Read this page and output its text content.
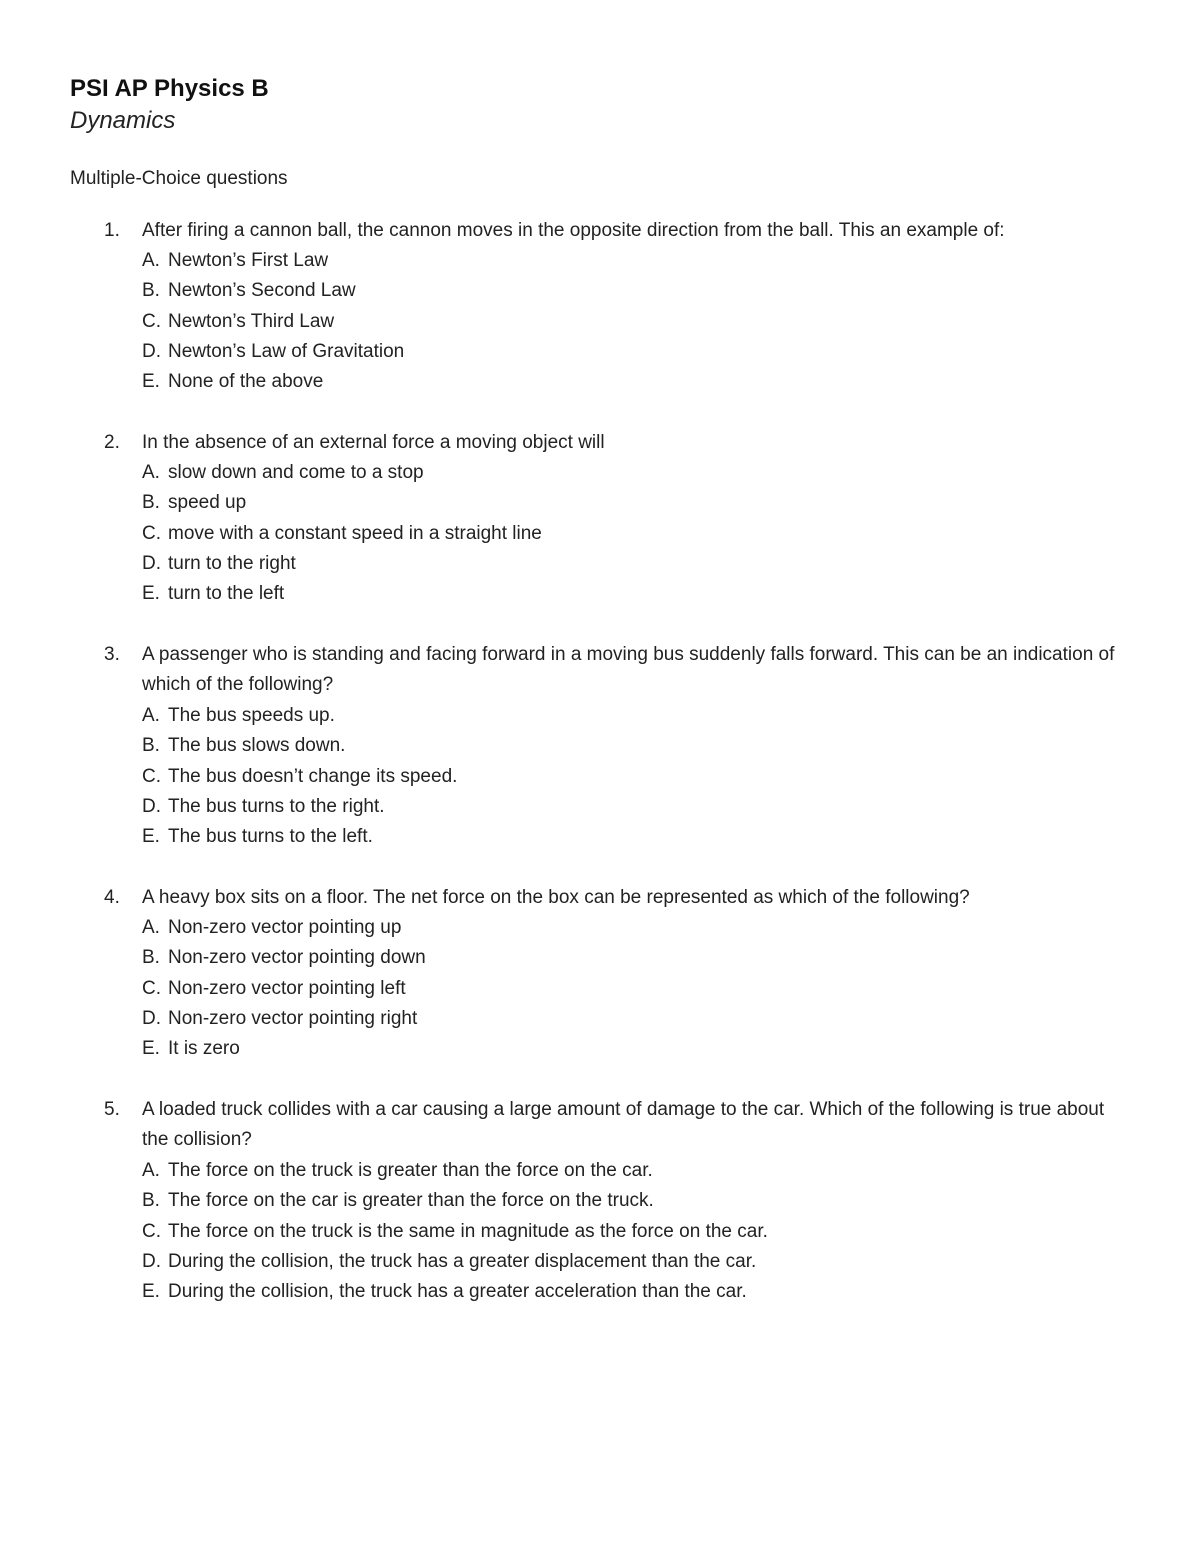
PSI AP Physics B
Dynamics
Multiple-Choice questions
1. After firing a cannon ball, the cannon moves in the opposite direction from the ball. This an example of:

A. Newton’s First Law
B. Newton’s Second Law
C. Newton’s Third Law
D. Newton’s Law of Gravitation
E. None of the above
2. In the absence of an external force a moving object will

A. slow down and come to a stop
B. speed up
C. move with a constant speed in a straight line
D. turn to the right
E. turn to the left
3. A passenger who is standing and facing forward in a moving bus suddenly falls forward. This can be an indication of which of the following?

A. The bus speeds up.
B. The bus slows down.
C. The bus doesn’t change its speed.
D. The bus turns to the right.
E. The bus turns to the left.
4. A heavy box sits on a floor. The net force on the box can be represented as which of the following?

A. Non-zero vector pointing up
B. Non-zero vector pointing down
C. Non-zero vector pointing left
D. Non-zero vector pointing right
E. It is zero
5. A loaded truck collides with a car causing a large amount of damage to the car. Which of the following is true about the collision?

A. The force on the truck is greater than the force on the car.
B. The force on the car is greater than the force on the truck.
C. The force on the truck is the same in magnitude as the force on the car.
D. During the collision, the truck has a greater displacement than the car.
E. During the collision, the truck has a greater acceleration than the car.
